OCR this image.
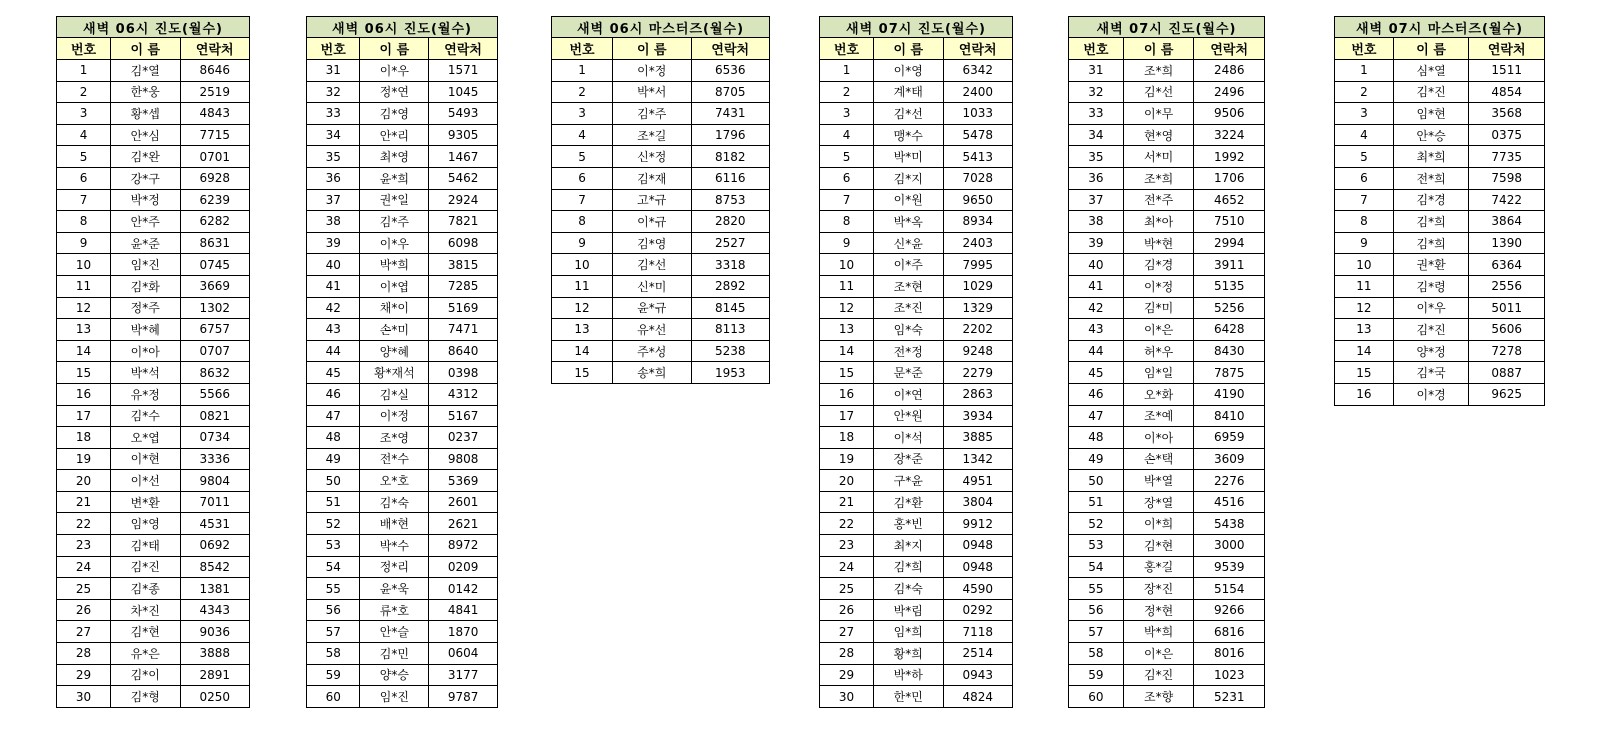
새벽 06시 진도(월수)		
번호	이 름	연락처
1	김*열	8646
2	한*웅	2519
3	황*셉	4843
4	안*심	7715
5	김*완	0701
6	강*구	6928
7	박*정	6239
8	안*주	6282
9	윤*준	8631
10	임*진	0745
11	김*화	3669
12	정*주	1302
13	박*혜	6757
14	이*아	0707
15	박*석	8632
16	유*정	5566
17	김*수	0821
18	오*엽	0734
19	이*현	3336
20	이*선	9804
21	변*환	7011
22	임*영	4531
23	김*태	0692
24	김*진	8542
25	김*종	1381
26	차*진	4343
27	김*현	9036
28	유*은	3888
29	김*이	2891
30	김*형	0250
새벽 06시 진도(월수)		
번호	이 름	연락처
31	이*우	1571
32	정*연	1045
33	김*영	5493
34	안*리	9305
35	최*영	1467
36	윤*희	5462
37	권*일	2924
38	김*주	7821
39	이*우	6098
40	박*희	3815
41	이*엽	7285
42	채*이	5169
43	손*미	7471
44	양*혜	8640
45	황*재석	0398
46	김*실	4312
47	이*정	5167
48	조*영	0237
49	전*수	9808
50	오*호	5369
51	김*숙	2601
52	배*현	2621
53	박*수	8972
54	정*리	0209
55	윤*욱	0142
56	류*호	4841
57	안*슬	1870
58	김*민	0604
59	양*승	3177
60	임*진	9787
새벽 06시 마스터즈(월수)		
번호	이 름	연락처
1	이*정	6536
2	박*서	8705
3	김*주	7431
4	조*길	1796
5	신*정	8182
6	김*재	6116
7	고*규	8753
8	이*규	2820
9	김*영	2527
10	김*선	3318
11	신*미	2892
12	윤*규	8145
13	유*선	8113
14	주*성	5238
15	송*희	1953
새벽 07시 진도(월수)		
번호	이 름	연락처
1	이*영	6342
2	계*태	2400
3	김*선	1033
4	맹*수	5478
5	박*미	5413
6	김*지	7028
7	이*원	9650
8	박*옥	8934
9	신*윤	2403
10	이*주	7995
11	조*현	1029
12	조*진	1329
13	임*숙	2202
14	전*정	9248
15	문*준	2279
16	이*연	2863
17	안*원	3934
18	이*석	3885
19	장*준	1342
20	구*윤	4951
21	김*환	3804
22	홍*빈	9912
23	최*지	0948
24	김*희	0948
25	김*숙	4590
26	박*림	0292
27	임*희	7118
28	황*희	2514
29	박*하	0943
30	한*민	4824
새벽 07시 진도(월수)		
번호	이 름	연락처
31	조*희	2486
32	김*선	2496
33	이*무	9506
34	현*영	3224
35	서*미	1992
36	조*희	1706
37	전*주	4652
38	최*아	7510
39	박*현	2994
40	김*경	3911
41	이*정	5135
42	김*미	5256
43	이*은	6428
44	허*우	8430
45	임*일	7875
46	오*화	4190
47	조*예	8410
48	이*아	6959
49	손*택	3609
50	박*열	2276
51	장*열	4516
52	이*희	5438
53	김*현	3000
54	홍*길	9539
55	장*진	5154
56	정*현	9266
57	박*희	6816
58	이*은	8016
59	김*진	1023
60	조*향	5231
새벽 07시 마스터즈(월수)		
번호	이 름	연락처
1	심*열	1511
2	김*진	4854
3	임*현	3568
4	안*승	0375
5	최*희	7735
6	전*희	7598
7	김*경	7422
8	김*희	3864
9	김*희	1390
10	권*환	6364
11	김*령	2556
12	이*우	5011
13	김*진	5606
14	양*정	7278
15	김*국	0887
16	이*경	9625
